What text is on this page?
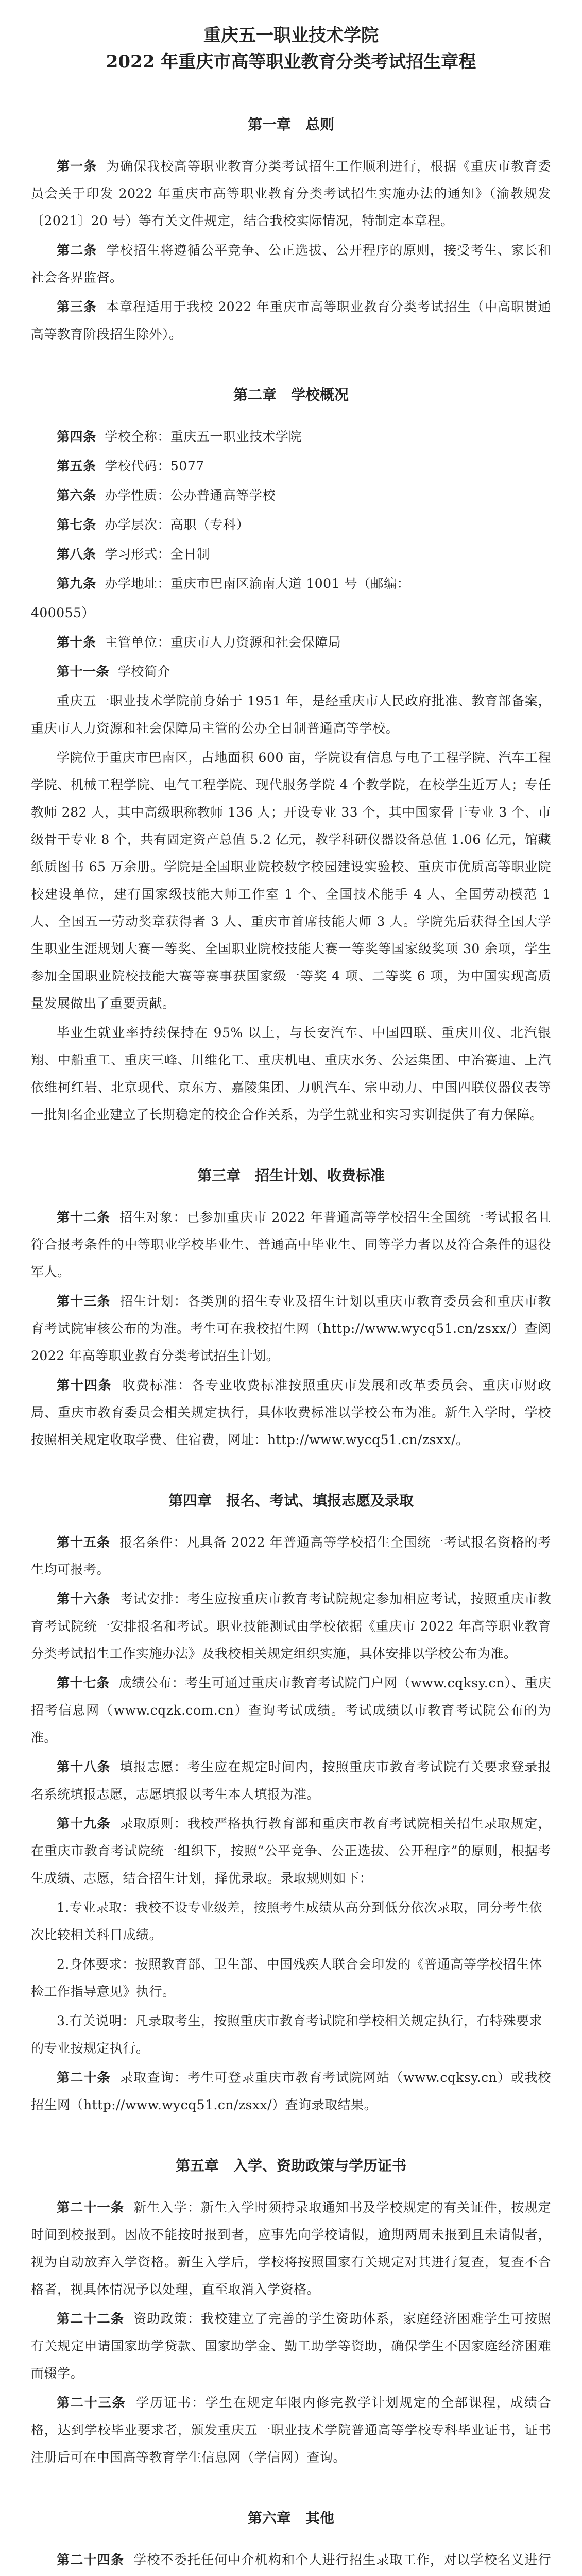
重庆五一职业技术学院
2022 年重庆市高等职业教育分类考试招生章程
第一章　总则

第一条 为确保我校高等职业教育分类考试招生工作顺利进行，根据《重庆市教育委员会关于印发 2022 年重庆市高等职业教育分类考试招生实施办法的通知》（渝教规发〔2021〕20 号）等有关文件规定，结合我校实际情况，特制定本章程。

第二条 学校招生将遵循公平竞争、公正选拔、公开程序的原则，接受考生、家长和社会各界监督。

第三条 本章程适用于我校 2022 年重庆市高等职业教育分类考试招生（中高职贯通高等教育阶段招生除外）。

第二章　学校概况

第四条 学校全称：重庆五一职业技术学院

第五条 学校代码：5077

第六条 办学性质：公办普通高等学校

第七条 办学层次：高职（专科）

第八条 学习形式：全日制

第九条 办学地址：重庆市巴南区渝南大道 1001 号（邮编：

400055）

第十条 主管单位：重庆市人力资源和社会保障局

第十一条 学校简介

重庆五一职业技术学院前身始于 1951 年，是经重庆市人民政府批准、教育部备案，重庆市人力资源和社会保障局主管的公办全日制普通高等学校。

学院位于重庆市巴南区，占地面积 600 亩，学院设有信息与电子工程学院、汽车工程学院、机械工程学院、电气工程学院、现代服务学院 4 个教学院，在校学生近万人；专任教师 282 人，其中高级职称教师 136 人；开设专业 33 个，其中国家骨干专业 3 个、市级骨干专业 8 个，共有固定资产总值 5.2 亿元，教学科研仪器设备总值 1.06 亿元，馆藏纸质图书 65 万余册。学院是全国职业院校数字校园建设实验校、重庆市优质高等职业院校建设单位，建有国家级技能大师工作室 1 个、全国技术能手 4 人、全国劳动模范 1 人、全国五一劳动奖章获得者 3 人、重庆市首席技能大师 3 人。学院先后获得全国大学生职业生涯规划大赛一等奖、全国职业院校技能大赛一等奖等国家级奖项 30 余项，学生参加全国职业院校技能大赛等赛事获国家级一等奖 4 项、二等奖 6 项，为中国实现高质量发展做出了重要贡献。

毕业生就业率持续保持在 95% 以上，与长安汽车、中国四联、重庆川仪、北汽银翔、中船重工、重庆三峰、川维化工、重庆机电、重庆水务、公运集团、中冶赛迪、上汽依维柯红岩、北京现代、京东方、嘉陵集团、力帆汽车、宗申动力、中国四联仪器仪表等一批知名企业建立了长期稳定的校企合作关系，为学生就业和实习实训提供了有力保障。

第三章　招生计划、收费标准

第十二条 招生对象：已参加重庆市 2022 年普通高等学校招生全国统一考试报名且符合报考条件的中等职业学校毕业生、普通高中毕业生、同等学力者以及符合条件的退役军人。

第十三条 招生计划：各类别的招生专业及招生计划以重庆市教育委员会和重庆市教育考试院审核公布的为准。考生可在我校招生网（http://www.wycq51.cn/zsxx/）查阅 2022 年高等职业教育分类考试招生计划。

第十四条 收费标准：各专业收费标准按照重庆市发展和改革委员会、重庆市财政局、重庆市教育委员会相关规定执行，具体收费标准以学校公布为准。新生入学时，学校按照相关规定收取学费、住宿费，网址：http://www.wycq51.cn/zsxx/。

第四章　报名、考试、填报志愿及录取

第十五条 报名条件：凡具备 2022 年普通高等学校招生全国统一考试报名资格的考生均可报考。

第十六条 考试安排：考生应按重庆市教育考试院规定参加相应考试，按照重庆市教育考试院统一安排报名和考试。职业技能测试由学校依据《重庆市 2022 年高等职业教育分类考试招生工作实施办法》及我校相关规定组织实施，具体安排以学校公布为准。

第十七条 成绩公布：考生可通过重庆市教育考试院门户网（www.cqksy.cn）、重庆招考信息网（www.cqzk.com.cn）查询考试成绩。考试成绩以市教育考试院公布的为准。

第十八条 填报志愿：考生应在规定时间内，按照重庆市教育考试院有关要求登录报名系统填报志愿，志愿填报以考生本人填报为准。

第十九条 录取原则：我校严格执行教育部和重庆市教育考试院相关招生录取规定，在重庆市教育考试院统一组织下，按照“公平竞争、公正选拔、公开程序”的原则，根据考生成绩、志愿，结合招生计划，择优录取。录取规则如下：

1.专业录取：我校不设专业级差，按照考生成绩从高分到低分依次录取，同分考生依次比较相关科目成绩。

2.身体要求：按照教育部、卫生部、中国残疾人联合会印发的《普通高等学校招生体检工作指导意见》执行。

3.有关说明：凡录取考生，按照重庆市教育考试院和学校相关规定执行，有特殊要求的专业按规定执行。

第二十条 录取查询：考生可登录重庆市教育考试院网站（www.cqksy.cn）或我校招生网（http://www.wycq51.cn/zsxx/）查询录取结果。

第五章　入学、资助政策与学历证书

第二十一条 新生入学：新生入学时须持录取通知书及学校规定的有关证件，按规定时间到校报到。因故不能按时报到者，应事先向学校请假，逾期两周未报到且未请假者，视为自动放弃入学资格。新生入学后，学校将按照国家有关规定对其进行复查，复查不合格者，视具体情况予以处理，直至取消入学资格。

第二十二条 资助政策：我校建立了完善的学生资助体系，家庭经济困难学生可按照有关规定申请国家助学贷款、国家助学金、勤工助学等资助，确保学生不因家庭经济困难而辍学。

第二十三条 学历证书：学生在规定年限内修完教学计划规定的全部课程，成绩合格，达到学校毕业要求者，颁发重庆五一职业技术学院普通高等学校专科毕业证书，证书注册后可在中国高等教育学生信息网（学信网）查询。

第六章　其他

第二十四条 学校不委托任何中介机构和个人进行招生录取工作，对以学校名义进行
